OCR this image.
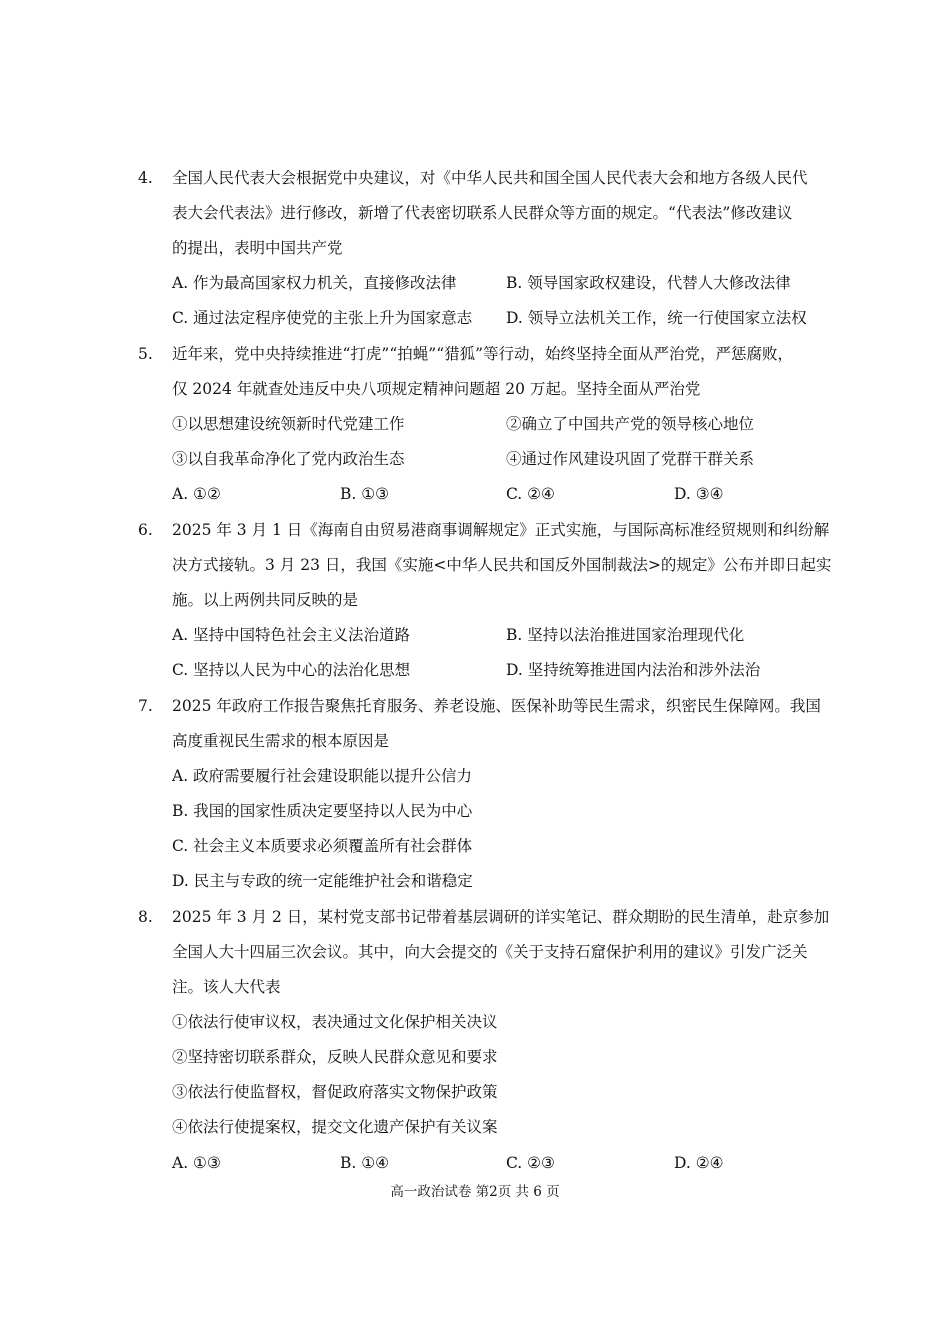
4. 全国人民代表大会根据党中央建议，对《中华人民共和国全国人民代表大会和地方各级人民代
表大会代表法》进行修改，新增了代表密切联系人民群众等方面的规定。“代表法”修改建议
的提出，表明中国共产党
A. 作为最高国家权力机关，直接修改法律	B. 领导国家政权建设，代替人大修改法律
C. 通过法定程序使党的主张上升为国家意志 D. 领导立法机关工作，统一行使国家立法权
5. 近年来，党中央持续推进“打虎”“拍蝇”“猎狐”等行动，始终坚持全面从严治党，严惩腐败，
仅 2024 年就查处违反中央八项规定精神问题超 20 万起。坚持全面从严治党
①以思想建设统领新时代党建工作	②确立了中国共产党的领导核心地位
③以自我革命净化了党内政治生态	④通过作风建设巩固了党群干群关系
A. ①②	B. ①③	C. ②④	D. ③④
6. 2025 年 3 月 1 日《海南自由贸易港商事调解规定》正式实施，与国际高标准经贸规则和纠纷解
决方式接轨。3 月 23 日，我国《实施<中华人民共和国反外国制裁法>的规定》公布并即日起实
施。以上两例共同反映的是
A. 坚持中国特色社会主义法治道路	B. 坚持以法治推进国家治理现代化
C. 坚持以人民为中心的法治化思想	D. 坚持统筹推进国内法治和涉外法治
7. 2025 年政府工作报告聚焦托育服务、养老设施、医保补助等民生需求，织密民生保障网。我国
高度重视民生需求的根本原因是
A. 政府需要履行社会建设职能以提升公信力
B. 我国的国家性质决定要坚持以人民为中心
C. 社会主义本质要求必须覆盖所有社会群体
D. 民主与专政的统一定能维护社会和谐稳定
8. 2025 年 3 月 2 日，某村党支部书记带着基层调研的详实笔记、群众期盼的民生清单，赴京参加
全国人大十四届三次会议。其中，向大会提交的《关于支持石窟保护利用的建议》引发广泛关
注。该人大代表
①依法行使审议权，表决通过文化保护相关决议
②坚持密切联系群众，反映人民群众意见和要求
③依法行使监督权，督促政府落实文物保护政策
④依法行使提案权，提交文化遗产保护有关议案
A. ①③	B. ①④	C. ②③	D. ②④
高一政治试卷 第2页 共 6 页
